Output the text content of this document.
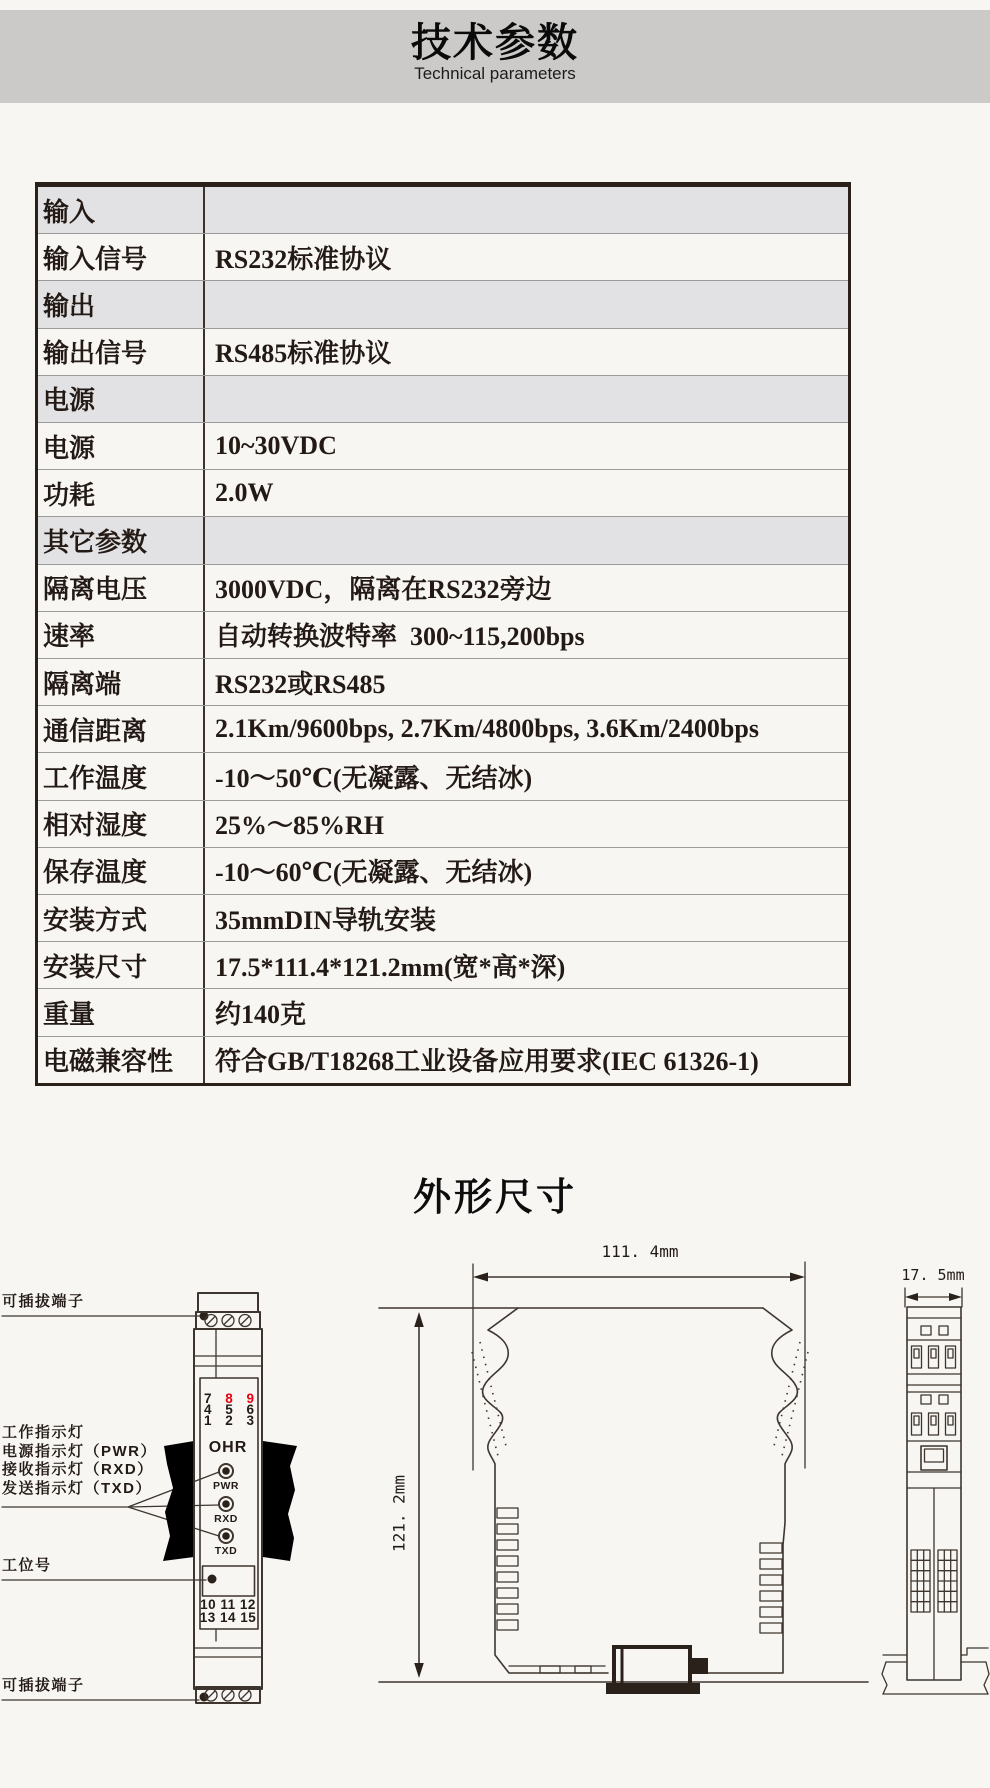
技术参数
Technical parameters
输入
输入信号	RS232标准协议
输出
输出信号	RS485标准协议
电源
电源	10~30VDC
功耗	2.0W
其它参数
隔离电压	3000VDC，隔离在RS232旁边
速率	自动转换波特率  300~115,200bps
隔离端	RS232或RS485
通信距离	2.1Km/9600bps, 2.7Km/4800bps, 3.6Km/2400bps
工作温度	-10～50℃(无凝露、无结冰)
相对湿度	25%～85%RH
保存温度	-10～60℃(无凝露、无结冰)
安装方式	35mmDIN导轨安装
安装尺寸	17.5*111.4*121.2mm(宽*高*深)
重量	约140克
电磁兼容性	符合GB/T18268工业设备应用要求(IEC 61326-1)
外形尺寸
111. 4mm
121. 2mm
17. 5mm
可插拔端子
工作指示灯
电源指示灯（PWR）
接收指示灯（RXD）
发送指示灯（TXD）
工位号
可插拔端子
7 8 9
4 5 6
1 2 3
OHR
PWR
RXD
TXD
10 11 12
13 14 15
